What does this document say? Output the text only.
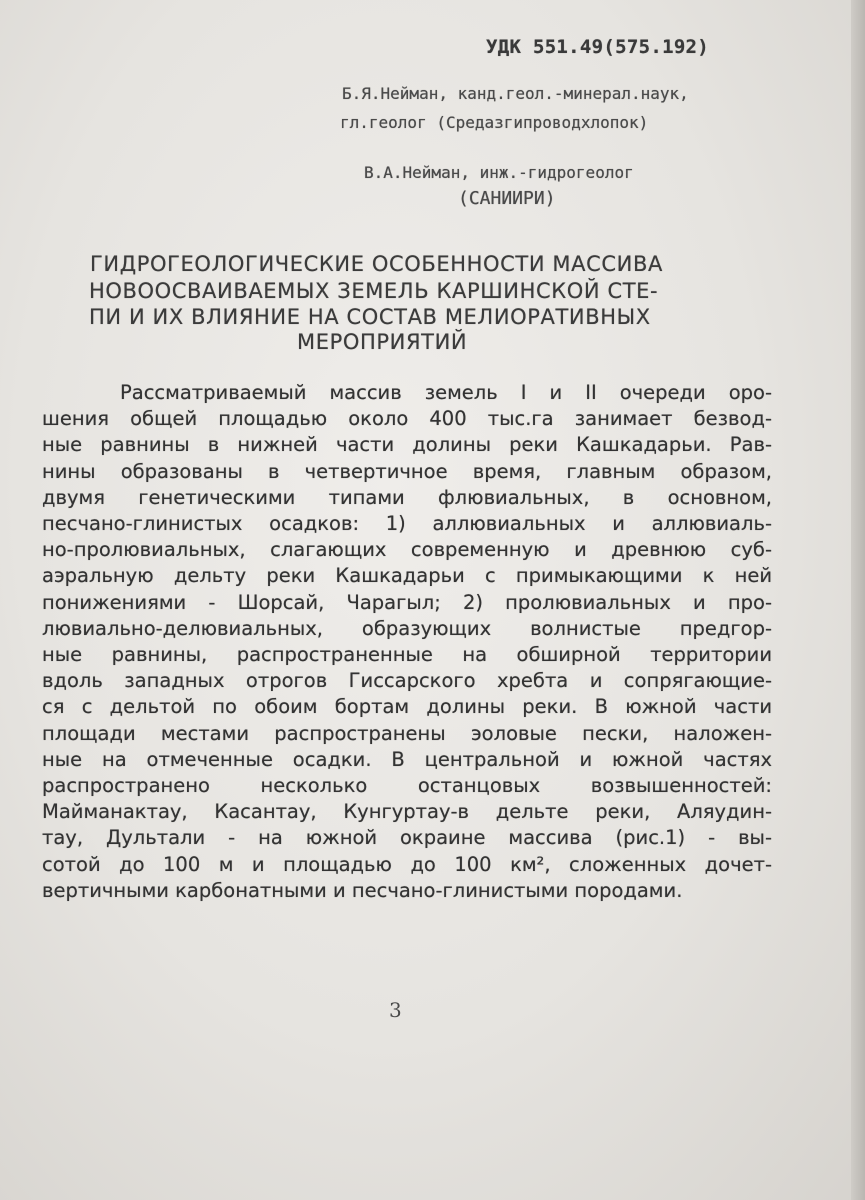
УДК 551.49(575.192)
Б.Я.Нейман, канд.геол.-минерал.наук,
гл.геолог (Средазгипроводхлопок)
В.А.Нейман, инж.-гидрогеолог
(САНИИРИ)
ГИДРОГЕОЛОГИЧЕСКИЕ ОСОБЕННОСТИ МАССИВА
НОВООСВАИВАЕМЫХ ЗЕМЕЛЬ КАРШИНСКОЙ СТЕ-
ПИ И ИХ ВЛИЯНИЕ НА СОСТАВ МЕЛИОРАТИВНЫХ
МЕРОПРИЯТИЙ
Рассматриваемый массив земель I и II очереди оро-
шения общей площадью около 400 тыс.га занимает безвод-
ные равнины в нижней части долины реки Кашкадарьи. Рав-
нины образованы в четвертичное время, главным образом,
двумя генетическими типами флювиальных, в основном,
песчано-глинистых осадков: 1) аллювиальных и аллювиаль-
но-пролювиальных, слагающих современную и древнюю суб-
аэральную дельту реки Кашкадарьи с примыкающими к ней
понижениями - Шорсай, Чарагыл; 2) пролювиальных и про-
лювиально-делювиальных, образующих волнистые предгор-
ные равнины, распространенные на обширной территории
вдоль западных отрогов Гиссарского хребта и сопрягающие-
ся с дельтой по обоим бортам долины реки. В южной части
площади местами распространены эоловые пески, наложен-
ные на отмеченные осадки. В центральной и южной частях
распространено несколько останцовых возвышенностей:
Майманактау, Касантау, Кунгуртау-в дельте реки, Аляудин-
тау, Дультали - на южной окраине массива (рис.1) - вы-
сотой до 100 м и площадью до 100 км², сложенных дочет-
вертичными карбонатными и песчано-глинистыми породами.
3
